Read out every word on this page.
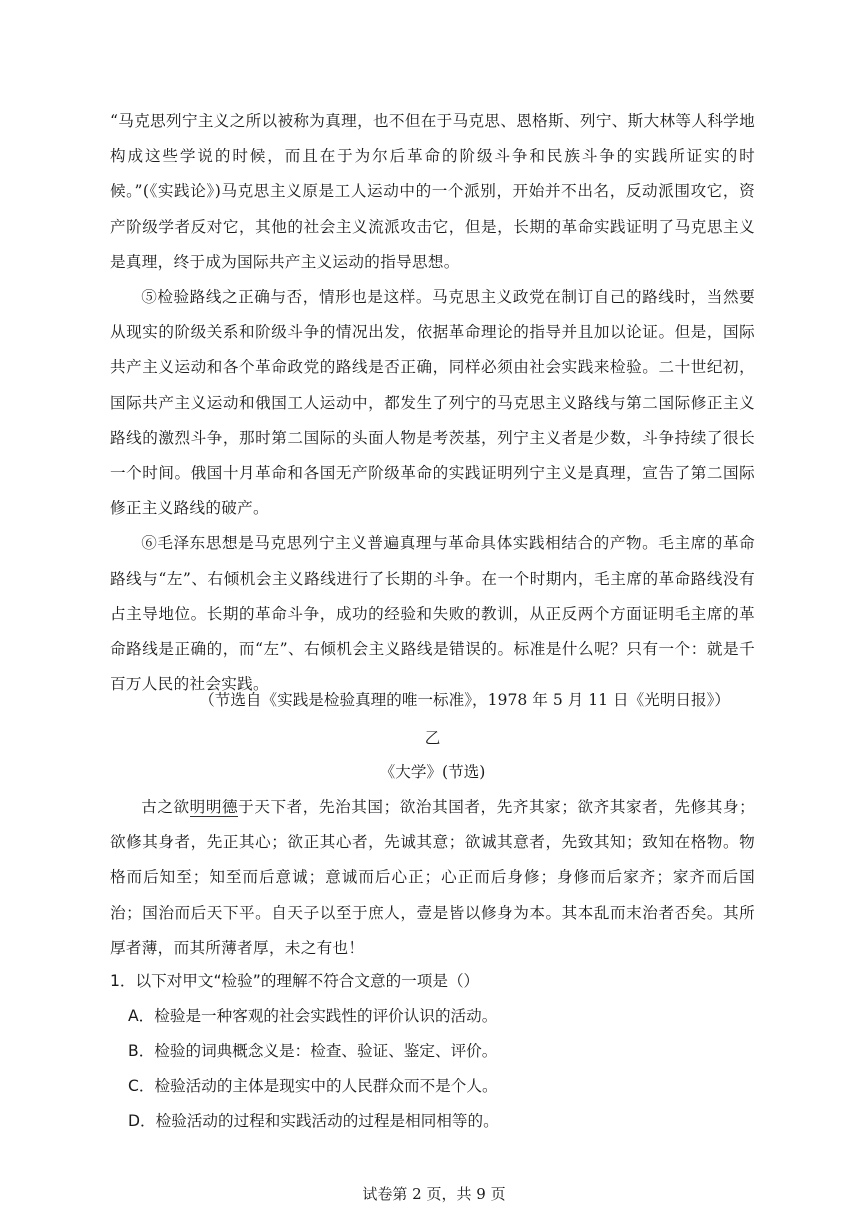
“马克思列宁主义之所以被称为真理，也不但在于马克思、恩格斯、列宁、斯大林等人科学地构成这些学说的时候，而且在于为尔后革命的阶级斗争和民族斗争的实践所证实的时候。”(《实践论》)马克思主义原是工人运动中的一个派别，开始并不出名，反动派围攻它，资产阶级学者反对它，其他的社会主义流派攻击它，但是，长期的革命实践证明了马克思主义是真理，终于成为国际共产主义运动的指导思想。

⑤检验路线之正确与否，情形也是这样。马克思主义政党在制订自己的路线时，当然要从现实的阶级关系和阶级斗争的情况出发，依据革命理论的指导并且加以论证。但是，国际共产主义运动和各个革命政党的路线是否正确，同样必须由社会实践来检验。二十世纪初，国际共产主义运动和俄国工人运动中，都发生了列宁的马克思主义路线与第二国际修正主义路线的激烈斗争，那时第二国际的头面人物是考茨基，列宁主义者是少数，斗争持续了很长一个时间。俄国十月革命和各国无产阶级革命的实践证明列宁主义是真理，宣告了第二国际修正主义路线的破产。

⑥毛泽东思想是马克思列宁主义普遍真理与革命具体实践相结合的产物。毛主席的革命路线与“左”、右倾机会主义路线进行了长期的斗争。在一个时期内，毛主席的革命路线没有占主导地位。长期的革命斗争，成功的经验和失败的教训，从正反两个方面证明毛主席的革命路线是正确的，而“左”、右倾机会主义路线是错误的。标准是什么呢？只有一个：就是千百万人民的社会实践。

（节选自《实践是检验真理的唯一标准》，1978 年 5 月 11 日《光明日报》）
乙
《大学》(节选)

古之欲明明德于天下者，先治其国；欲治其国者，先齐其家；欲齐其家者，先修其身；欲修其身者，先正其心；欲正其心者，先诚其意；欲诚其意者，先致其知；致知在格物。物格而后知至；知至而后意诚；意诚而后心正；心正而后身修；身修而后家齐；家齐而后国治；国治而后天下平。自天子以至于庶人，壹是皆以修身为本。其本乱而末治者否矣。其所厚者薄，而其所薄者厚，未之有也！

1．以下对甲文“检验”的理解不符合文意的一项是（）
A．检验是一种客观的社会实践性的评价认识的活动。
B．检验的词典概念义是：检查、验证、鉴定、评价。
C．检验活动的主体是现实中的人民群众而不是个人。
D．检验活动的过程和实践活动的过程是相同相等的。
试卷第 2 页，共 9 页
